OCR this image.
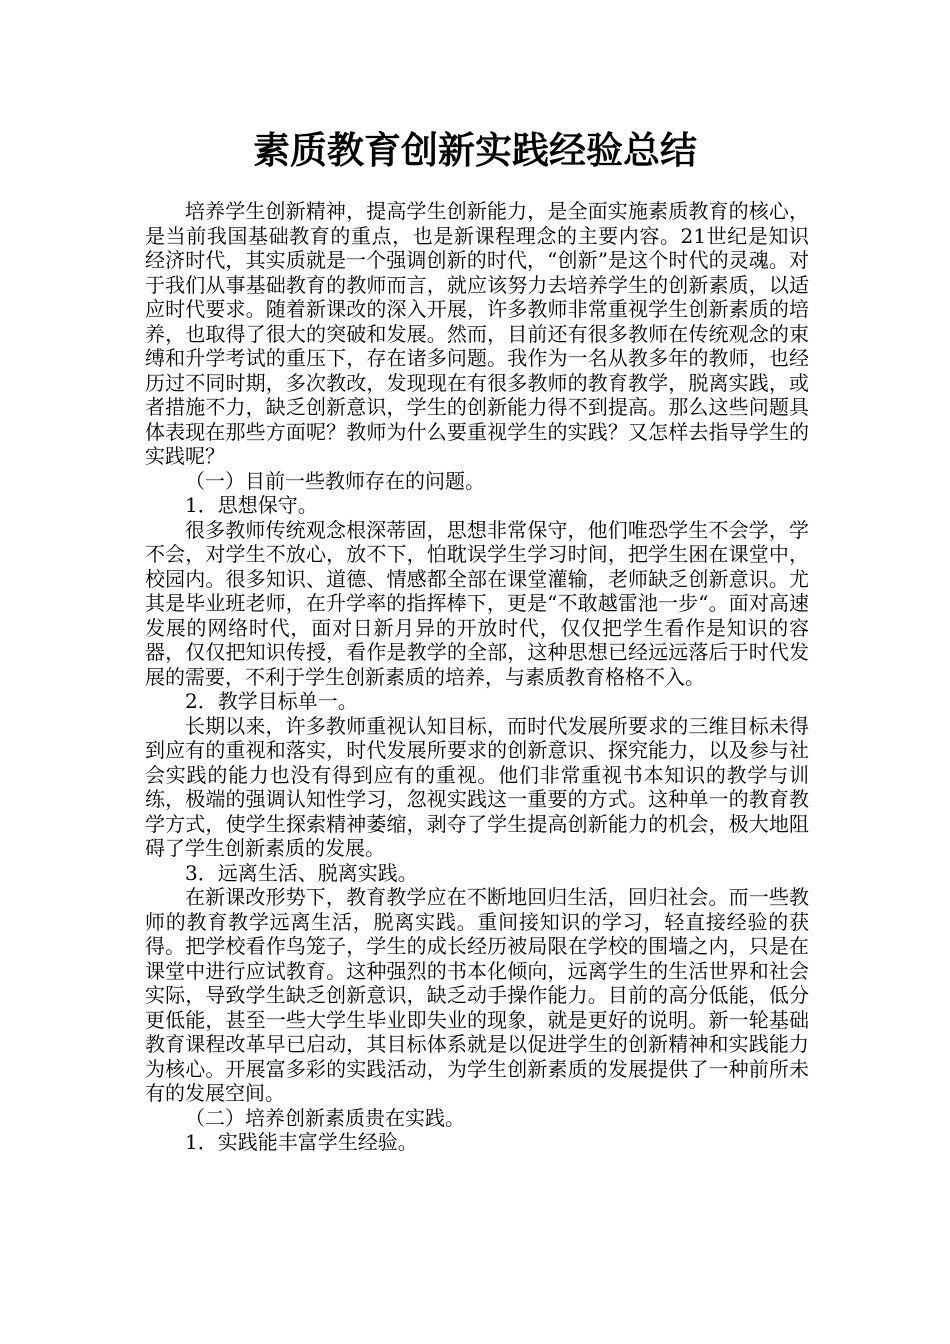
素质教育创新实践经验总结

培养学生创新精神，提高学生创新能力，是全面实施素质教育的核心，是当前我国基础教育的重点，也是新课程理念的主要内容。21世纪是知识经济时代，其实质就是一个强调创新的时代，“创新”是这个时代的灵魂。对于我们从事基础教育的教师而言，就应该努力去培养学生的创新素质，以适应时代要求。随着新课改的深入开展，许多教师非常重视学生创新素质的培养，也取得了很大的突破和发展。然而，目前还有很多教师在传统观念的束缚和升学考试的重压下，存在诸多问题。我作为一名从教多年的教师，也经历过不同时期，多次教改，发现现在有很多教师的教育教学，脱离实践，或者措施不力，缺乏创新意识，学生的创新能力得不到提高。那么这些问题具体表现在那些方面呢？教师为什么要重视学生的实践？又怎样去指导学生的实践呢？

（一）目前一些教师存在的问题。

1．思想保守。

很多教师传统观念根深蒂固，思想非常保守，他们唯恐学生不会学，学不会，对学生不放心，放不下，怕耽误学生学习时间，把学生困在课堂中，校园内。很多知识、道德、情感都全部在课堂灌输，老师缺乏创新意识。尤其是毕业班老师，在升学率的指挥棒下，更是“不敢越雷池一步“。面对高速发展的网络时代，面对日新月异的开放时代，仅仅把学生看作是知识的容器，仅仅把知识传授，看作是教学的全部，这种思想已经远远落后于时代发展的需要，不利于学生创新素质的培养，与素质教育格格不入。

2．教学目标单一。

长期以来，许多教师重视认知目标，而时代发展所要求的三维目标未得到应有的重视和落实，时代发展所要求的创新意识、探究能力，以及参与社会实践的能力也没有得到应有的重视。他们非常重视书本知识的教学与训练，极端的强调认知性学习，忽视实践这一重要的方式。这种单一的教育教学方式，使学生探索精神萎缩，剥夺了学生提高创新能力的机会，极大地阻碍了学生创新素质的发展。

3．远离生活、脱离实践。

在新课改形势下，教育教学应在不断地回归生活，回归社会。而一些教师的教育教学远离生活，脱离实践。重间接知识的学习，轻直接经验的获得。把学校看作鸟笼子，学生的成长经历被局限在学校的围墙之内，只是在课堂中进行应试教育。这种强烈的书本化倾向，远离学生的生活世界和社会实际，导致学生缺乏创新意识，缺乏动手操作能力。目前的高分低能，低分更低能，甚至一些大学生毕业即失业的现象，就是更好的说明。新一轮基础教育课程改革早已启动，其目标体系就是以促进学生的创新精神和实践能力为核心。开展富多彩的实践活动，为学生创新素质的发展提供了一种前所未有的发展空间。

（二）培养创新素质贵在实践。

1．实践能丰富学生经验。
